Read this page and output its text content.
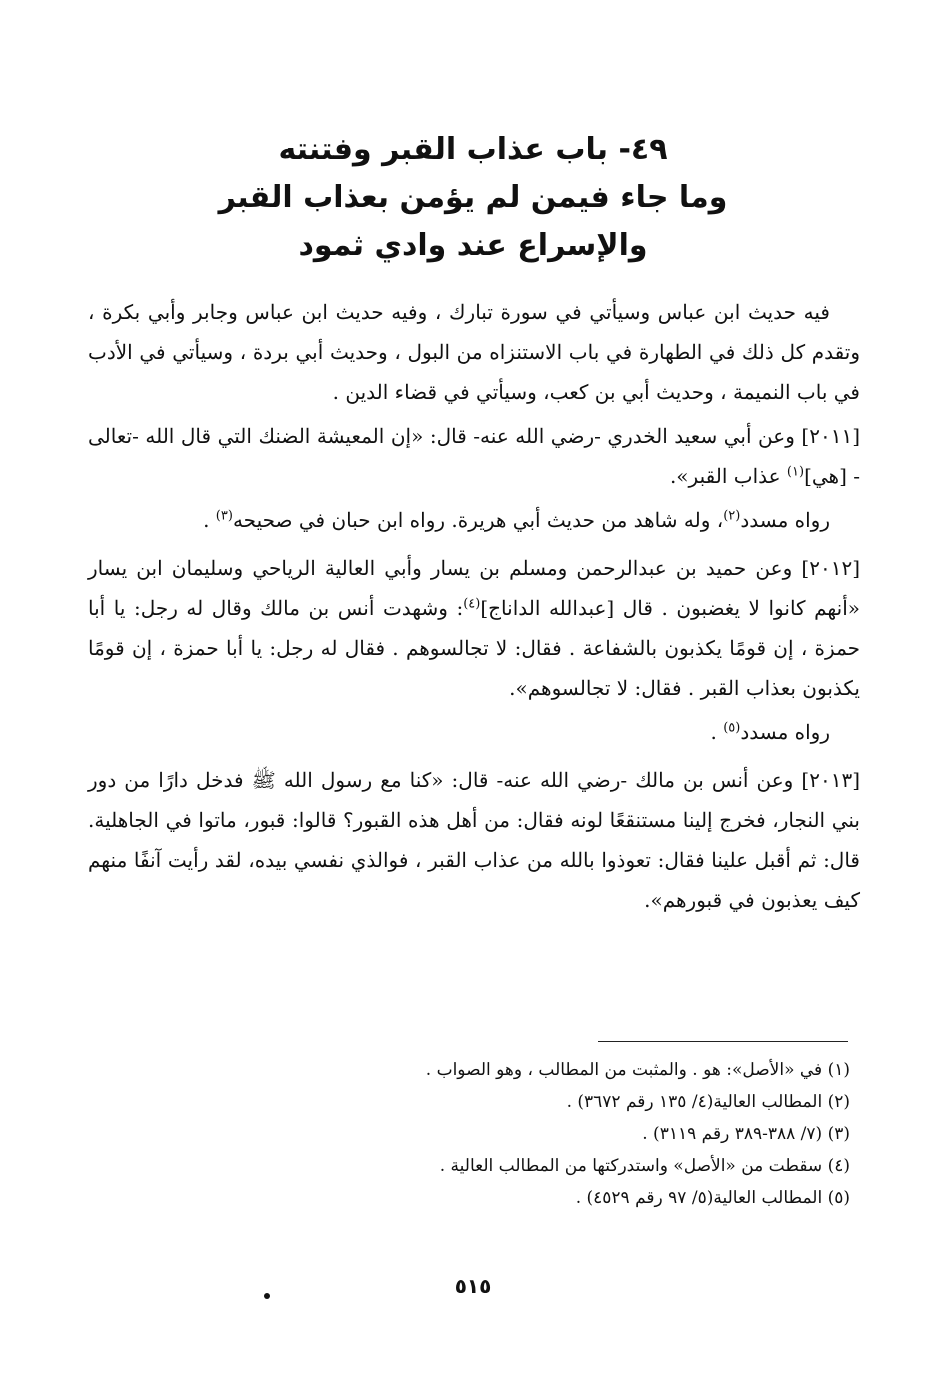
٤٩- باب عذاب القبر وفتنته
وما جاء فيمن لم يؤمن بعذاب القبر
والإسراع عند وادي ثمود

فيه حديث ابن عباس وسيأتي في سورة تبارك ، وفيه حديث ابن عباس وجابر وأبي بكرة ، وتقدم كل ذلك في الطهارة في باب الاستنزاه من البول ، وحديث أبي بردة ، وسيأتي في الأدب في باب النميمة ، وحديث أبي بن كعب، وسيأتي في قضاء الدين .

[٢٠١١] وعن أبي سعيد الخدري -رضي الله عنه- قال: «إن المعيشة الضنك التي قال الله -تعالى - [هي]$^{(١)}$ عذاب القبر».

رواه مسدد$^{(٢)}$، وله شاهد من حديث أبي هريرة. رواه ابن حبان في صحيحه$^{(٣)}$ .

[٢٠١٢] وعن حميد بن عبدالرحمن ومسلم بن يسار وأبي العالية الرياحي وسليمان ابن يسار «أنهم كانوا لا يغضبون . قال [عبدالله الداناج]$^{(٤)}$: وشهدت أنس بن مالك وقال له رجل: يا أبا حمزة ، إن قومًا يكذبون بالشفاعة . فقال: لا تجالسوهم . فقال له رجل: يا أبا حمزة ، إن قومًا يكذبون بعذاب القبر . فقال: لا تجالسوهم».

رواه مسدد$^{(٥)}$ .

[٢٠١٣] وعن أنس بن مالك -رضي الله عنه- قال: «كنا مع رسول الله ﷺ فدخل دارًا من دور بني النجار، فخرج إلينا مستنقعًا لونه فقال: من أهل هذه القبور؟ قالوا: قبور، ماتوا في الجاهلية. قال: ثم أقبل علينا فقال: تعوذوا بالله من عذاب القبر ، فوالذي نفسي بيده، لقد رأيت آنفًا منهم كيف يعذبون في قبورهم».

(١) في «الأصل»: هو . والمثبت من المطالب ، وهو الصواب .
(٢) المطالب العالية(٤/ ١٣٥ رقم ٣٦٧٢) .
(٣) (٧/ ٣٨٨-٣٨٩ رقم ٣١١٩) .
(٤) سقطت من «الأصل» واستدركتها من المطالب العالية .
(٥) المطالب العالية(٥/ ٩٧ رقم ٤٥٢٩) .
٥١٥
